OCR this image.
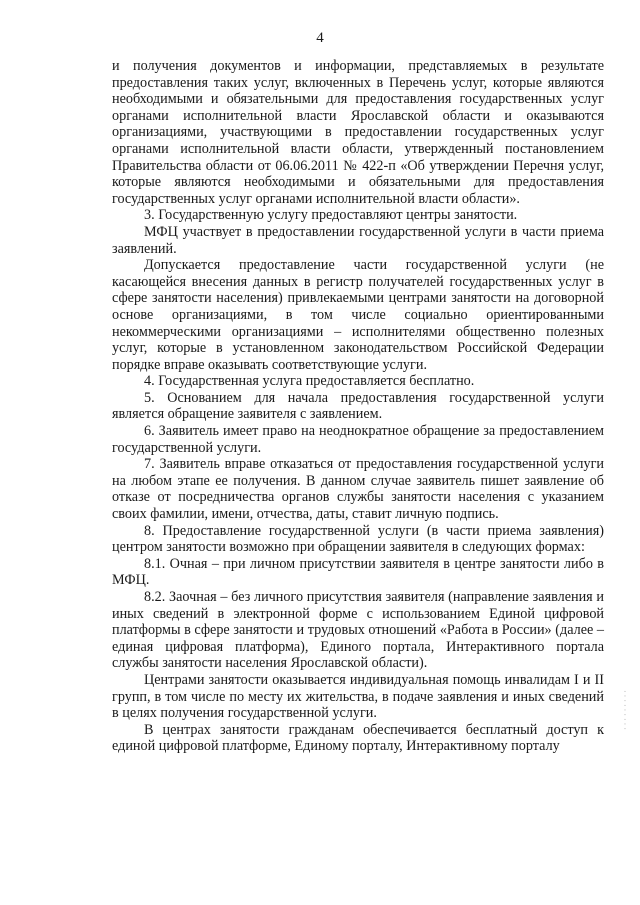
4

и получения документов и информации, представляемых в результате предоставления таких услуг, включенных в Перечень услуг, которые являются необходимыми и обязательными для предоставления государственных услуг органами исполнительной власти Ярославской области и оказываются организациями, участвующими в предоставлении государственных услуг органами исполнительной власти области, утвержденный постановлением Правительства области от 06.06.2011 № 422-п «Об утверждении Перечня услуг, которые являются необходимыми и обязательными для предоставления государственных услуг органами исполнительной власти области».

3. Государственную услугу предоставляют центры занятости.

МФЦ участвует в предоставлении государственной услуги в части приема заявлений.

Допускается предоставление части государственной услуги (не касающейся внесения данных в регистр получателей государственных услуг в сфере занятости населения) привлекаемыми центрами занятости на договорной основе организациями, в том числе социально ориентированными некоммерческими организациями – исполнителями общественно полезных услуг, которые в установленном законодательством Российской Федерации порядке вправе оказывать соответствующие услуги.

4. Государственная услуга предоставляется бесплатно.

5. Основанием для начала предоставления государственной услуги является обращение заявителя с заявлением.

6. Заявитель имеет право на неоднократное обращение за предоставлением государственной услуги.

7. Заявитель вправе отказаться от предоставления государственной услуги на любом этапе ее получения. В данном случае заявитель пишет заявление об отказе от посредничества органов службы занятости населения с указанием своих фамилии, имени, отчества, даты, ставит личную подпись.

8. Предоставление государственной услуги (в части приема заявления) центром занятости возможно при обращении заявителя в следующих формах:

8.1. Очная – при личном присутствии заявителя в центре занятости либо в МФЦ.

8.2. Заочная – без личного присутствия заявителя (направление заявления и иных сведений в электронной форме с использованием Единой цифровой платформы в сфере занятости и трудовых отношений «Работа в России» (далее – единая цифровая платформа), Единого портала, Интерактивного портала службы занятости населения Ярославской области).

Центрами занятости оказывается индивидуальная помощь инвалидам I и II групп, в том числе по месту их жительства, в подаче заявления и иных сведений в целях получения государственной услуги.

В центрах занятости гражданам обеспечивается бесплатный доступ к единой цифровой платформе, Единому порталу, Интерактивному порталу

· · · · · · · · ·
